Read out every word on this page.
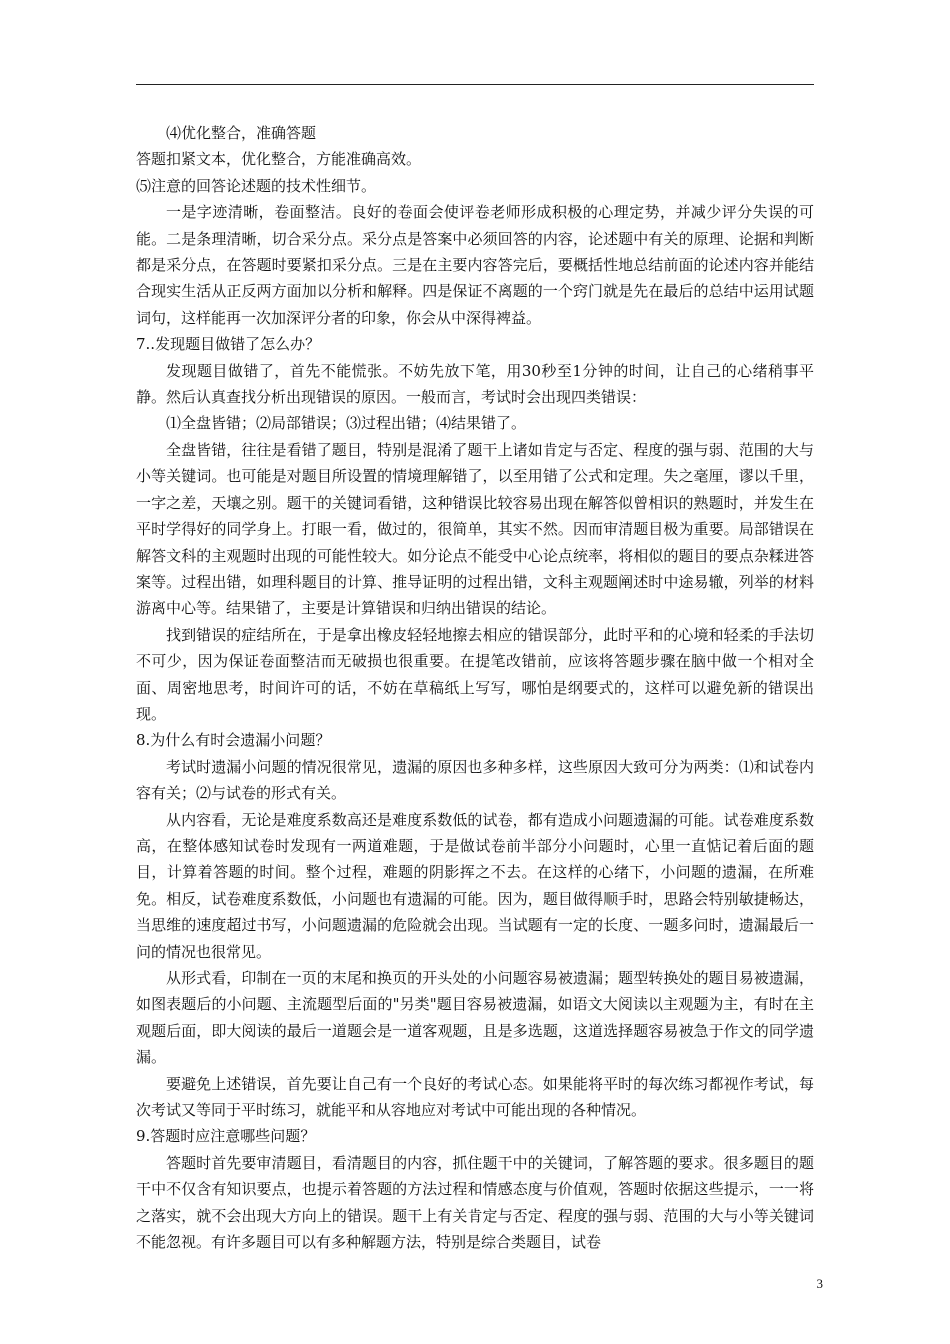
⑷优化整合，准确答题

答题扣紧文本，优化整合，方能准确高效。

⑸注意的回答论述题的技术性细节。

一是字迹清晰，卷面整洁。良好的卷面会使评卷老师形成积极的心理定势，并减少评分失误的可能。二是条理清晰，切合采分点。采分点是答案中必须回答的内容，论述题中有关的原理、论据和判断都是采分点，在答题时要紧扣采分点。三是在主要内容答完后，要概括性地总结前面的论述内容并能结合现实生活从正反两方面加以分析和解释。四是保证不离题的一个窍门就是先在最后的总结中运用试题词句，这样能再一次加深评分者的印象，你会从中深得裨益。

7..发现题目做错了怎么办？

发现题目做错了，首先不能慌张。不妨先放下笔，用30秒至1分钟的时间，让自己的心绪稍事平静。然后认真查找分析出现错误的原因。一般而言，考试时会出现四类错误：

⑴全盘皆错；⑵局部错误；⑶过程出错；⑷结果错了。

全盘皆错，往往是看错了题目，特别是混淆了题干上诸如肯定与否定、程度的强与弱、范围的大与小等关键词。也可能是对题目所设置的情境理解错了，以至用错了公式和定理。失之毫厘，谬以千里，一字之差，天壤之别。题干的关键词看错，这种错误比较容易出现在解答似曾相识的熟题时，并发生在平时学得好的同学身上。打眼一看，做过的，很简单，其实不然。因而审清题目极为重要。局部错误在解答文科的主观题时出现的可能性较大。如分论点不能受中心论点统率，将相似的题目的要点杂糅进答案等。过程出错，如理科题目的计算、推导证明的过程出错，文科主观题阐述时中途易辙，列举的材料游离中心等。结果错了，主要是计算错误和归纳出错误的结论。

找到错误的症结所在，于是拿出橡皮轻轻地擦去相应的错误部分，此时平和的心境和轻柔的手法切不可少，因为保证卷面整洁而无破损也很重要。在提笔改错前，应该将答题步骤在脑中做一个相对全面、周密地思考，时间许可的话，不妨在草稿纸上写写，哪怕是纲要式的，这样可以避免新的错误出现。

8.为什么有时会遗漏小问题？

考试时遗漏小问题的情况很常见，遗漏的原因也多种多样，这些原因大致可分为两类：⑴和试卷内容有关；⑵与试卷的形式有关。

从内容看，无论是难度系数高还是难度系数低的试卷，都有造成小问题遗漏的可能。试卷难度系数高，在整体感知试卷时发现有一两道难题，于是做试卷前半部分小问题时，心里一直惦记着后面的题目，计算着答题的时间。整个过程，难题的阴影挥之不去。在这样的心绪下，小问题的遗漏，在所难免。相反，试卷难度系数低，小问题也有遗漏的可能。因为，题目做得顺手时，思路会特别敏捷畅达，当思维的速度超过书写，小问题遗漏的危险就会出现。当试题有一定的长度、一题多问时，遗漏最后一问的情况也很常见。

从形式看，印制在一页的末尾和换页的开头处的小问题容易被遗漏；题型转换处的题目易被遗漏，如图表题后的小问题、主流题型后面的"另类"题目容易被遗漏，如语文大阅读以主观题为主，有时在主观题后面，即大阅读的最后一道题会是一道客观题，且是多选题，这道选择题容易被急于作文的同学遗漏。

要避免上述错误，首先要让自己有一个良好的考试心态。如果能将平时的每次练习都视作考试，每次考试又等同于平时练习，就能平和从容地应对考试中可能出现的各种情况。

9.答题时应注意哪些问题？

答题时首先要审清题目，看清题目的内容，抓住题干中的关键词，了解答题的要求。很多题目的题干中不仅含有知识要点，也提示着答题的方法过程和情感态度与价值观，答题时依据这些提示，一一将之落实，就不会出现大方向上的错误。题干上有关肯定与否定、程度的强与弱、范围的大与小等关键词不能忽视。有许多题目可以有多种解题方法，特别是综合类题目，试卷

3
